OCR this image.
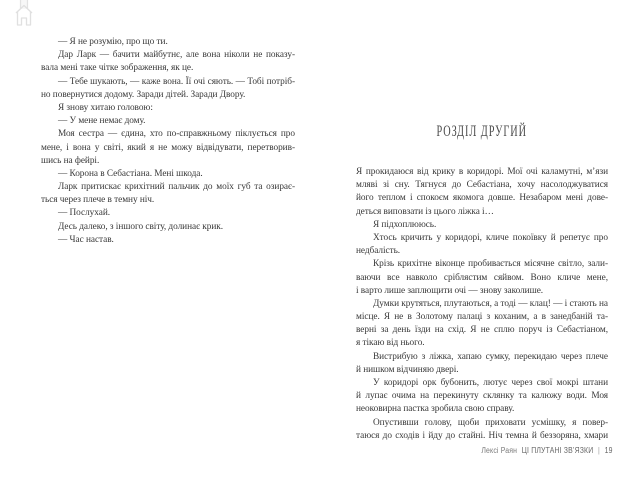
— Я не розумію, про що ти.
Дар Ларк — бачити майбутнє, але вона ніколи не показу-
вала мені таке чітке зображення, як це.
— Тебе шукають, — каже вона. Її очі сяють. — Тобі потріб-
но повернутися додому. Заради дітей. Заради Двору.
Я знову хитаю головою:
— У мене немає дому.
Моя сестра — єдина, хто по-справжньому піклується про
мене, і вона у світі, який я не можу відвідувати, перетворив-
шись на фейрі.
— Корона в Себастіана. Мені шкода.
Ларк притискає крихітний пальчик до моїх губ та озирає-
ться через плече в темну ніч.
— Послухай.
Десь далеко, з іншого світу, долинає крик.
— Час настав.
РОЗДІЛ ДРУГИЙ
Я прокидаюся від крику в коридорі. Мої очі каламутні, м’язи
мляві зі сну. Тягнуся до Себастіана, хочу насолоджуватися
його теплом і спокоєм якомога довше. Незабаром мені дове-
деться виповзати із цього ліжка і…
Я підхоплююсь.
Хтось кричить у коридорі, кличе покоївку й репетує про
недбалість.
Крізь крихітне віконце пробивається місячне світло, зали-
ваючи все навколо сріблястим сяйвом. Воно кличе мене,
і варто лише заплющити очі — знову заколише.
Думки крутяться, плутаються, а тоді — клац! — і стають на
місце. Я не в Золотому палаці з коханим, а в занедбаній та-
верні за день їзди на схід. Я не сплю поруч із Себастіаном,
я тікаю від нього.
Вистрибую з ліжка, хапаю сумку, перекидаю через плече
й нишком відчиняю двері.
У коридорі орк бубонить, лютує через свої мокрі штани
й лупає очима на перекинуту склянку та калюжу води. Моя
неоковирна пастка зробила свою справу.
Опустивши голову, щоби приховати усмішку, я повер-
таюся до сходів і йду до стайні. Ніч темна й беззоряна, хмари
Лексі Раян ЦІ ПЛУТАНІ ЗВ’ЯЗКИ | 19
